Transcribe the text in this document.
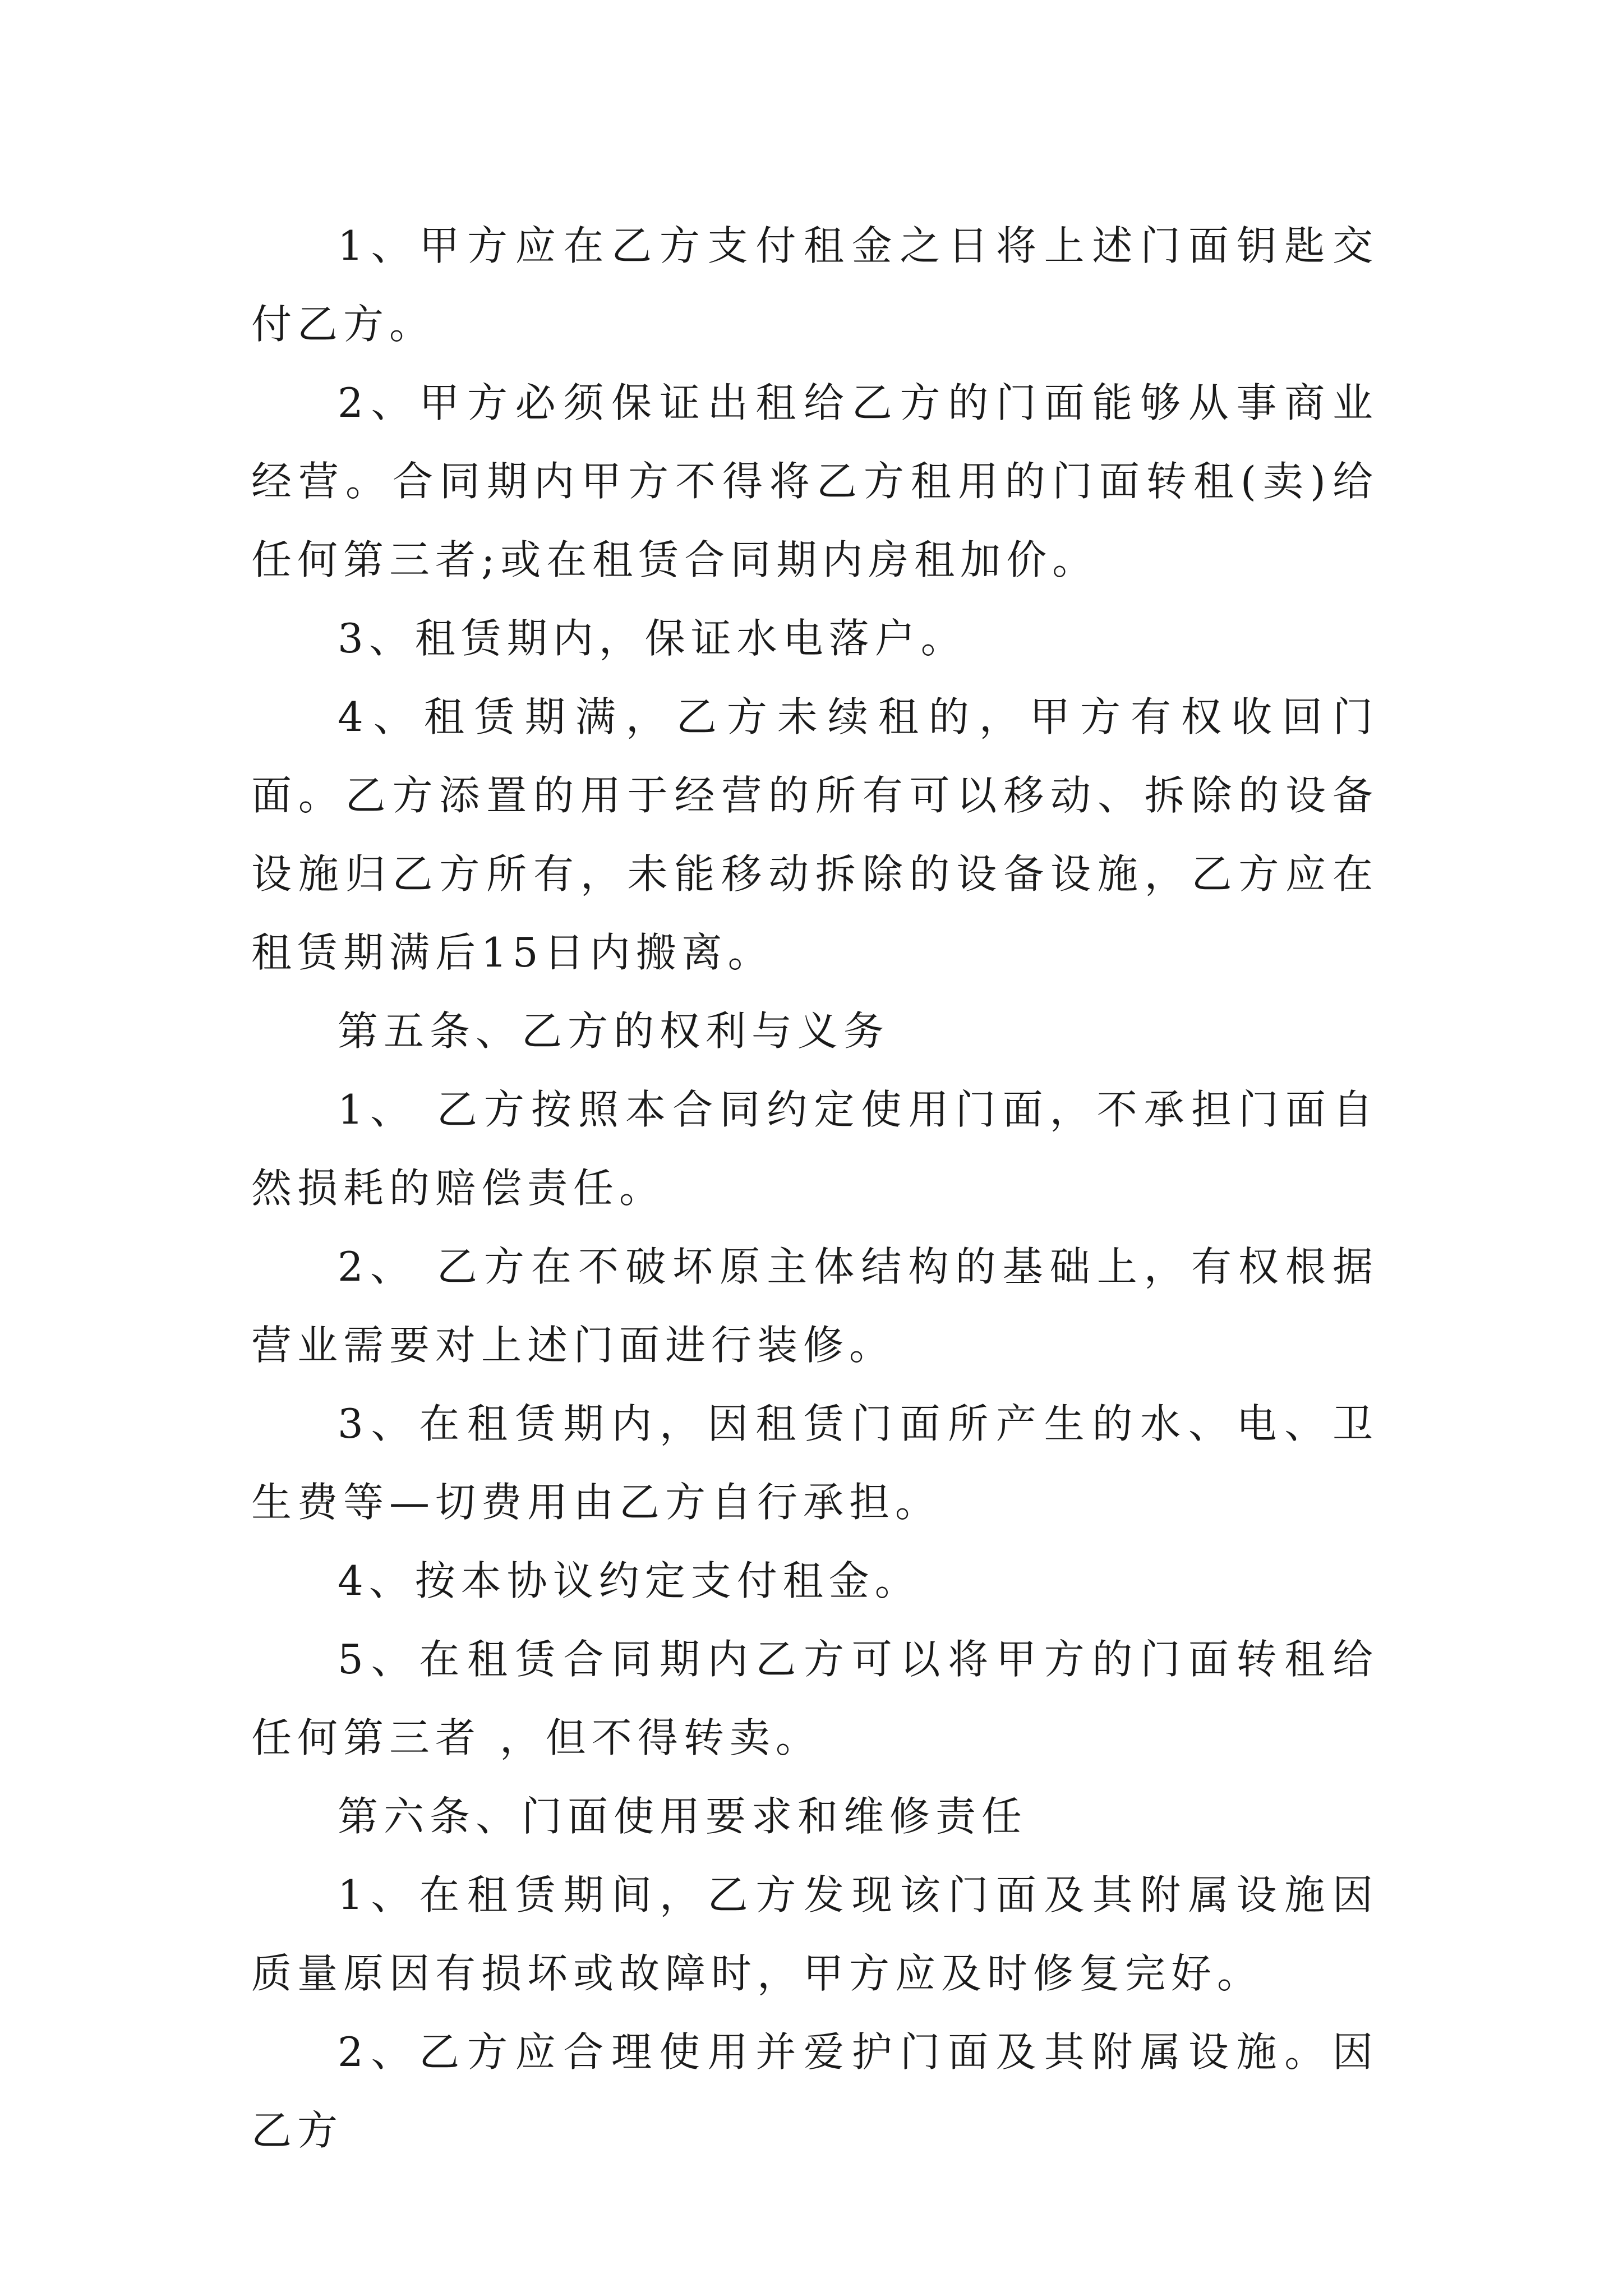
1、甲方应在乙方支付租金之日将上述门面钥匙交付乙方。

2、甲方必须保证出租给乙方的门面能够从事商业经营。合同期内甲方不得将乙方租用的门面转租(卖)给任何第三者;或在租赁合同期内房租加价。

3、租赁期内，保证水电落户。

4、租赁期满，乙方未续租的，甲方有权收回门面。乙方添置的用于经营的所有可以移动、拆除的设备设施归乙方所有，未能移动拆除的设备设施，乙方应在租赁期满后15日内搬离。

第五条、乙方的权利与义务

1、 乙方按照本合同约定使用门面，不承担门面自然损耗的赔偿责任。

2、 乙方在不破坏原主体结构的基础上，有权根据营业需要对上述门面进行装修。

3、在租赁期内，因租赁门面所产生的水、电、卫生费等—切费用由乙方自行承担。

4、按本协议约定支付租金。

5、在租赁合同期内乙方可以将甲方的门面转租给任何第三者 ，但不得转卖。

第六条、门面使用要求和维修责任

1、在租赁期间，乙方发现该门面及其附属设施因质量原因有损坏或故障时，甲方应及时修复完好。

2、乙方应合理使用并爱护门面及其附属设施。因乙方
